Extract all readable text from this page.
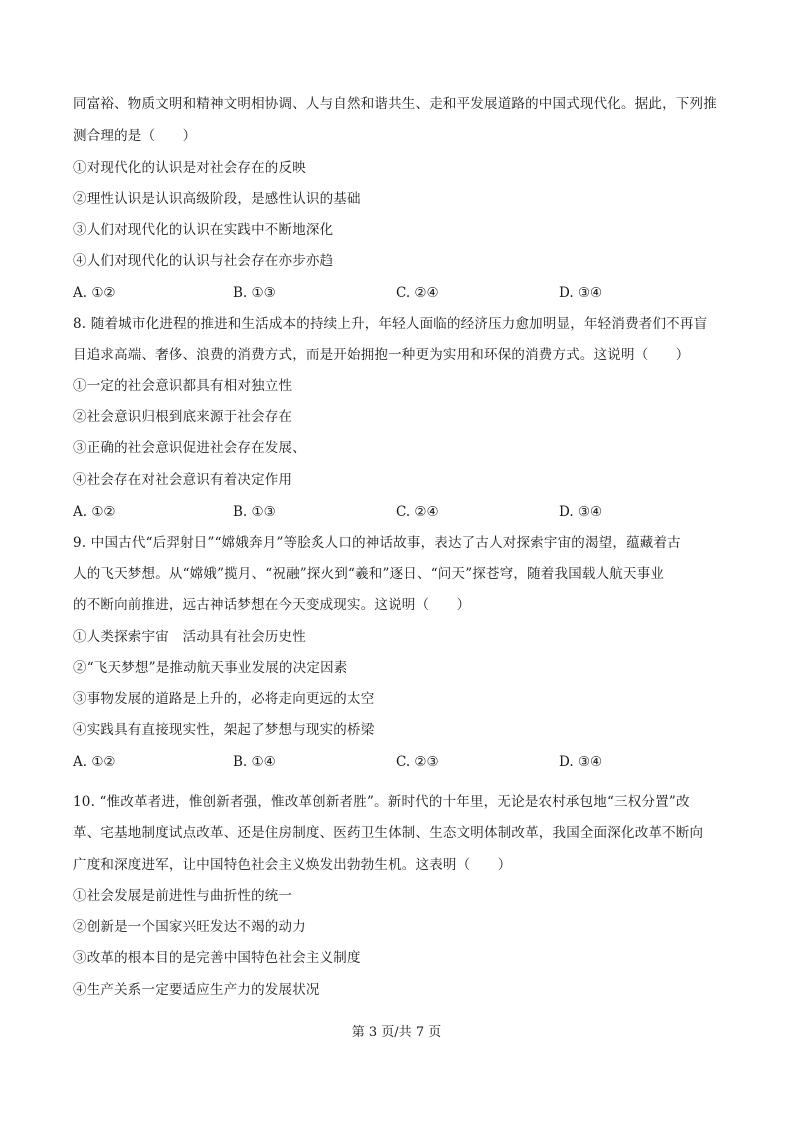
同富裕、物质文明和精神文明相协调、人与自然和谐共生、走和平发展道路的中国式现代化。据此，下列推
测合理的是（　　）
①对现代化的认识是对社会存在的反映
②理性认识是认识高级阶段，是感性认识的基础
③人们对现代化的认识在实践中不断地深化
④人们对现代化的认识与社会存在亦步亦趋
A. ①②	B. ①③	C. ②④	D. ③④
8. 随着城市化进程的推进和生活成本的持续上升，年轻人面临的经济压力愈加明显，年轻消费者们不再盲
目追求高端、奢侈、浪费的消费方式，而是开始拥抱一种更为实用和环保的消费方式。这说明（　　）
①一定的社会意识都具有相对独立性
②社会意识归根到底来源于社会存在
③正确的社会意识促进社会存在发展、
④社会存在对社会意识有着决定作用
A. ①②	B. ①③	C. ②④	D. ③④
9. 中国古代“后羿射日”“嫦娥奔月”等脍炙人口的神话故事，表达了古人对探索宇宙的渴望，蕴藏着古
人的飞天梦想。从“嫦娥”揽月、“祝融”探火到“羲和”逐日、“问天”探苍穹，随着我国载人航天事业
的不断向前推进，远古神话梦想在今天变成现实。这说明（　　）
①人类探索宇宙　活动具有社会历史性
②“飞天梦想”是推动航天事业发展的决定因素
③事物发展的道路是上升的，必将走向更远的太空
④实践具有直接现实性，架起了梦想与现实的桥梁
A. ①②	B. ①④	C. ②③	D. ③④
10. “惟改革者进，惟创新者强，惟改革创新者胜”。新时代的十年里，无论是农村承包地“三权分置”改
革、宅基地制度试点改革、还是住房制度、医药卫生体制、生态文明体制改革，我国全面深化改革不断向
广度和深度进军，让中国特色社会主义焕发出勃勃生机。这表明（　　）
①社会发展是前进性与曲折性的统一
②创新是一个国家兴旺发达不竭的动力
③改革的根本目的是完善中国特色社会主义制度
④生产关系一定要适应生产力的发展状况
第 3 页/共 7 页
